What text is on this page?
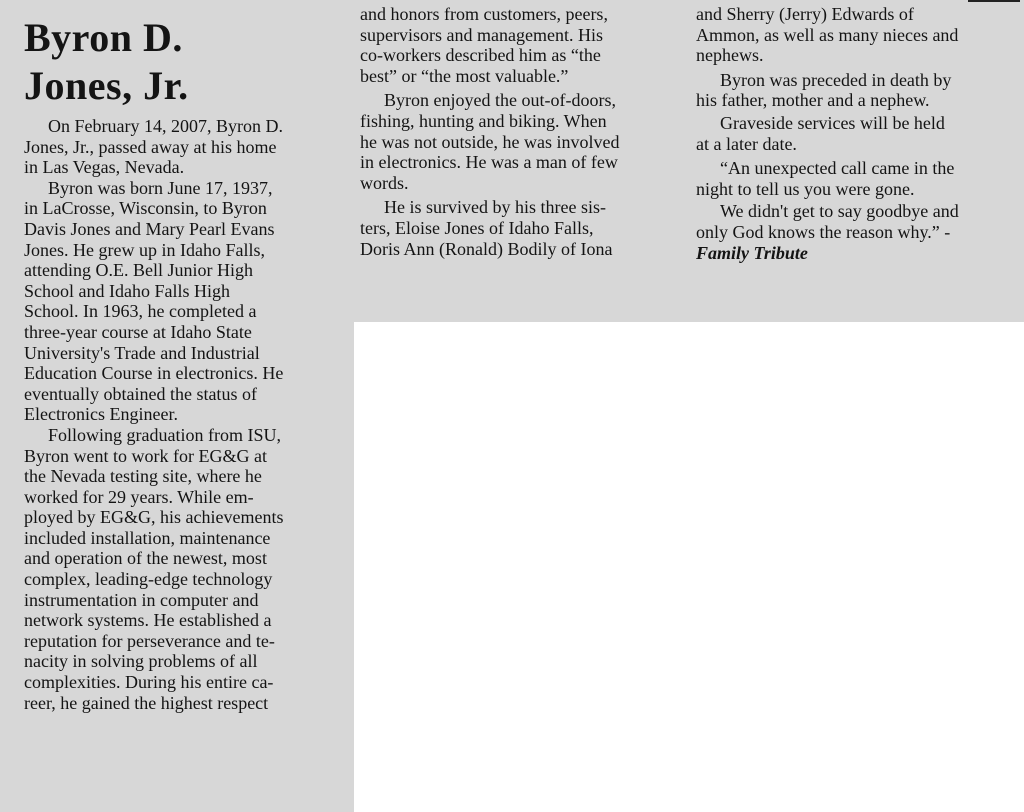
Byron D.
Jones, Jr.

On February 14, 2007, Byron D.
Jones, Jr., passed away at his home
in Las Vegas, Nevada.

Byron was born June 17, 1937,
in LaCrosse, Wisconsin, to Byron
Davis Jones and Mary Pearl Evans
Jones. He grew up in Idaho Falls,
attending O.E. Bell Junior High
School and Idaho Falls High
School. In 1963, he completed a
three-year course at Idaho State
University's Trade and Industrial
Education Course in electronics. He
eventually obtained the status of
Electronics Engineer.

Following graduation from ISU,
Byron went to work for EG&G at
the Nevada testing site, where he
worked for 29 years. While em-
ployed by EG&G, his achievements
included installation, maintenance
and operation of the newest, most
complex, leading-edge technology
instrumentation in computer and
network systems. He established a
reputation for perseverance and te-
nacity in solving problems of all
complexities. During his entire ca-
reer, he gained the highest respect

and honors from customers, peers,
supervisors and management. His
co-workers described him as “the
best” or “the most valuable.”

Byron enjoyed the out-of-doors,
fishing, hunting and biking. When
he was not outside, he was involved
in electronics. He was a man of few
words.

He is survived by his three sis-
ters, Eloise Jones of Idaho Falls,
Doris Ann (Ronald) Bodily of Iona

and Sherry (Jerry) Edwards of
Ammon, as well as many nieces and
nephews.

Byron was preceded in death by
his father, mother and a nephew.

Graveside services will be held
at a later date.

“An unexpected call came in the
night to tell us you were gone.

We didn't get to say goodbye and
only God knows the reason why.” -

Family Tribute
